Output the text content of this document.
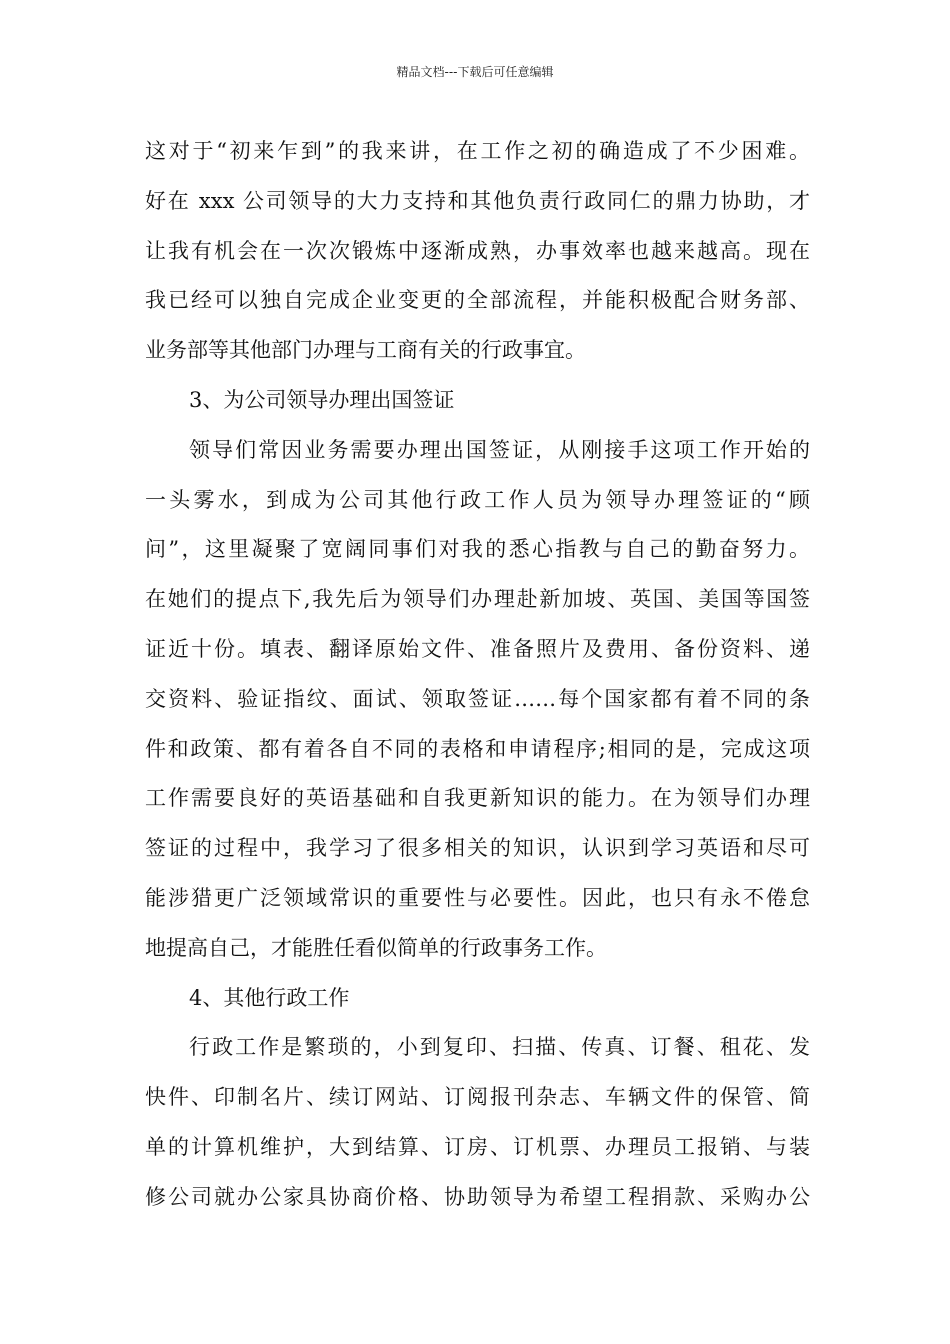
精品文档---下载后可任意编辑
这对于“初来乍到”的我来讲，在工作之初的确造成了不少困难。
好在 xxx 公司领导的大力支持和其他负责行政同仁的鼎力协助，才
让我有机会在一次次锻炼中逐渐成熟，办事效率也越来越高。现在
我已经可以独自完成企业变更的全部流程，并能积极配合财务部、
业务部等其他部门办理与工商有关的行政事宜。
3、为公司领导办理出国签证
领导们常因业务需要办理出国签证，从刚接手这项工作开始的
一头雾水，到成为公司其他行政工作人员为领导办理签证的“顾
问”，这里凝聚了宽阔同事们对我的悉心指教与自己的勤奋努力。
在她们的提点下,我先后为领导们办理赴新加坡、英国、美国等国签
证近十份。填表、翻译原始文件、准备照片及费用、备份资料、递
交资料、验证指纹、面试、领取签证……每个国家都有着不同的条
件和政策、都有着各自不同的表格和申请程序;相同的是，完成这项
工作需要良好的英语基础和自我更新知识的能力。在为领导们办理
签证的过程中，我学习了很多相关的知识，认识到学习英语和尽可
能涉猎更广泛领域常识的重要性与必要性。因此，也只有永不倦怠
地提高自己，才能胜任看似简单的行政事务工作。
4、其他行政工作
行政工作是繁琐的，小到复印、扫描、传真、订餐、租花、发
快件、印制名片、续订网站、订阅报刊杂志、车辆文件的保管、简
单的计算机维护，大到结算、订房、订机票、办理员工报销、与装
修公司就办公家具协商价格、协助领导为希望工程捐款、采购办公
